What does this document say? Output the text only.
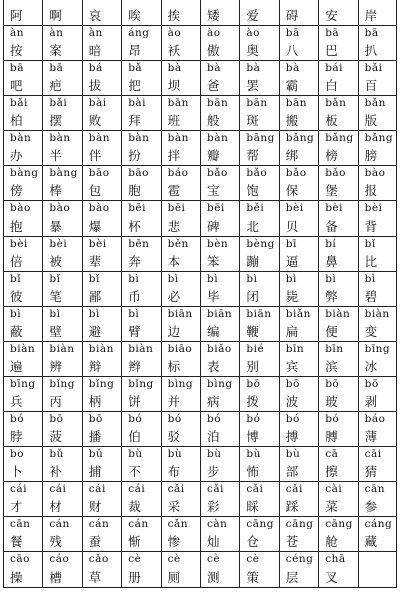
阿 啊 哀 唉 挨 矮 爱 碍 安 岸
àn
按
àn
案
àn
暗
áng
昂
ào
袄
ào
傲
ào
奥
bā
八
bā
巴
bā
扒
bā
吧
bā
疤
bá
拔
bǎ
把
bà
坝
bà
爸
bà
罢
bà
霸
bái
白
bǎi
百
bǎi
柏
bǎi
摆
bài
败
bài
拜
bān
班
bān
般
bān
斑
bān
搬
bǎn
板
bǎn
版
bàn
办
bàn
半
bàn
伴
bàn
扮
bàn
拌
bàn
瓣
bāng
帮
bǎng
绑
bǎng
榜
bǎng
膀
bàng
傍
bàng
棒
bāo
包
bāo
胞
báo
雹
bǎo
宝
bǎo
饱
bǎo
保
bǎo
堡
bào
报
bào
抱
bào
暴
bào
爆
bēi
杯
bēi
悲
bēi
碑
běi
北
bèi
贝
bèi
备
bèi
背
bèi
倍
bèi
被
bèi
辈
bēn
奔
běn
本
bèn
笨
bèng
蹦
bī
逼
bí
鼻
bǐ
比
bǐ
彼
bǐ
笔
bǐ
鄙
bì
币
bì
必
bì
毕
bì
闭
bì
毙
bì
弊
bì
碧
bì
蔽
bì
壁
bì
避
bì
臂
biān
边
biān
编
biān
鞭
biǎn
扁
biàn
便
biàn
变
biàn
遍
biàn
辨
biàn
辩
biàn
辫
biāo
标
biǎo
表
bié
别
bīn
宾
bīn
滨
bīng
冰
bīng
兵
bǐng
丙
bǐng
柄
bǐng
饼
bìng
并
bìng
病
bō
拨
bō
波
bō
玻
bō
剥
bó
脖
bō
菠
bō
播
bó
伯
bó
驳
bó
泊
bó
博
bó
搏
bó
膊
báo
薄
bo
卜
bǔ
补
bǔ
捕
bù
不
bù
布
bù
步
bù
怖
bù
部
cā
擦
cāi
猜
cái
才
cái
材
cái
财
cái
裁
cǎi
采
cǎi
彩
cǎi
睬
cǎi
踩
cài
菜
cān
参
cān
餐
cán
残
cán
蚕
cán
惭
cǎn
惨
càn
灿
cāng
仓
cāng
苍
cāng
舱
cáng
藏
cāo
操
cáo
槽
cǎo
草
cè
册
cè
厕
cè
测
cè
策
céng
层
chā
叉
